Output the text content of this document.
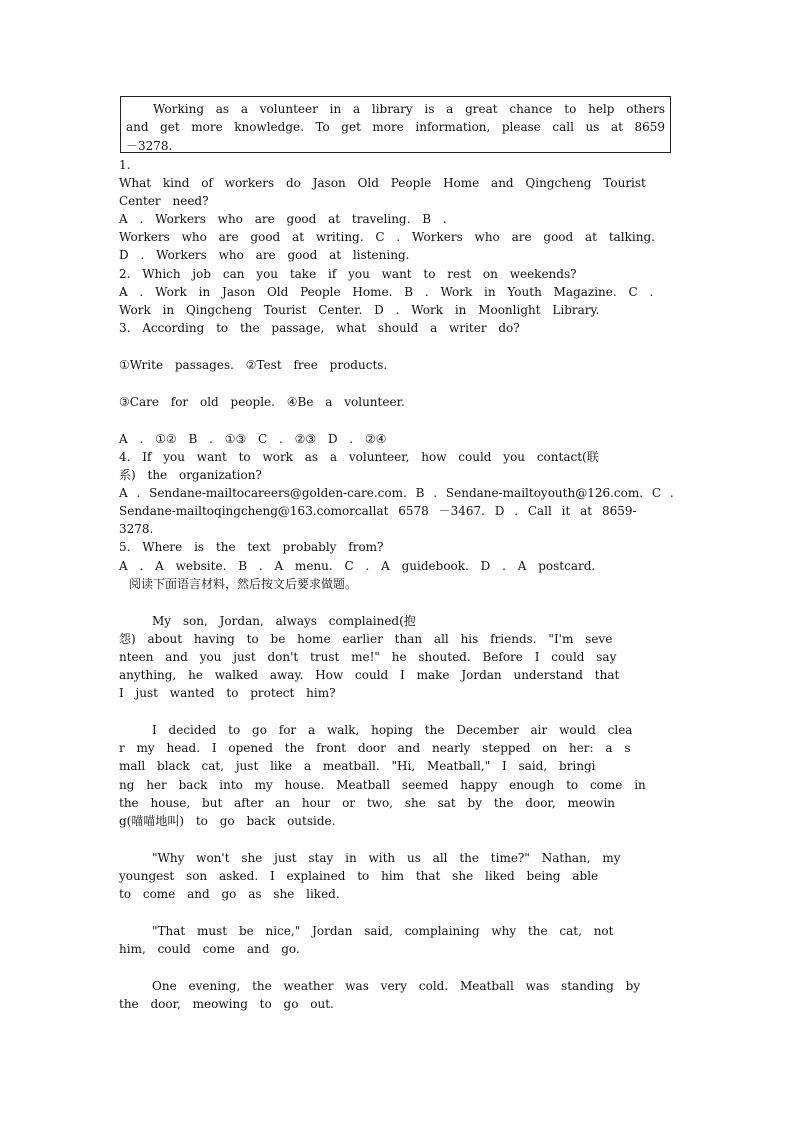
Working as a volunteer in a library is a great chance to help others and get more knowledge. To get more information, please call us at 8659－3278.
1.
What kind of workers do Jason Old People Home and Qingcheng Tourist
Center need?
A . Workers who are good at traveling. B .
Workers who are good at writing. C . Workers who are good at talking.
D . Workers who are good at listening.
2. Which job can you take if you want to rest on weekends?
A . Work in Jason Old People Home. B . Work in Youth Magazine. C .
Work in Qingcheng Tourist Center. D . Work in Moonlight Library.
3. According to the passage, what should a writer do?
①Write passages. ②Test free products.
③Care for old people. ④Be a volunteer.
A . ①② B . ①③ C . ②③ D . ②④
4. If you want to work as a volunteer, how could you contact(联
系) the organization?
A . Sendane-mailtocareers@golden-care.com. B . Sendane-mailtoyouth@126.com. C .
Sendane-mailtoqingcheng@163.comorcallat 6578 －3467. D . Call it at 8659-
3278.
5. Where is the text probably from?
A . A website. B . A menu. C . A guidebook. D . A postcard.
阅读下面语言材料，然后按文后要求做题。
My son, Jordan, always complained(抱
怨) about having to be home earlier than all his friends. "I'm seve
nteen and you just don't trust me!" he shouted. Before I could say
anything, he walked away. How could I make Jordan understand that
I just wanted to protect him?
I decided to go for a walk, hoping the December air would clea
r my head. I opened the front door and nearly stepped on her: a s
mall black cat, just like a meatball. "Hi, Meatball," I said, bringi
ng her back into my house. Meatball seemed happy enough to come in
the house, but after an hour or two, she sat by the door, meowin
g(喵喵地叫) to go back outside.
"Why won't she just stay in with us all the time?" Nathan, my
youngest son asked. I explained to him that she liked being able
to come and go as she liked.
"That must be nice," Jordan said, complaining why the cat, not
him, could come and go.
One evening, the weather was very cold. Meatball was standing by
the door, meowing to go out.
